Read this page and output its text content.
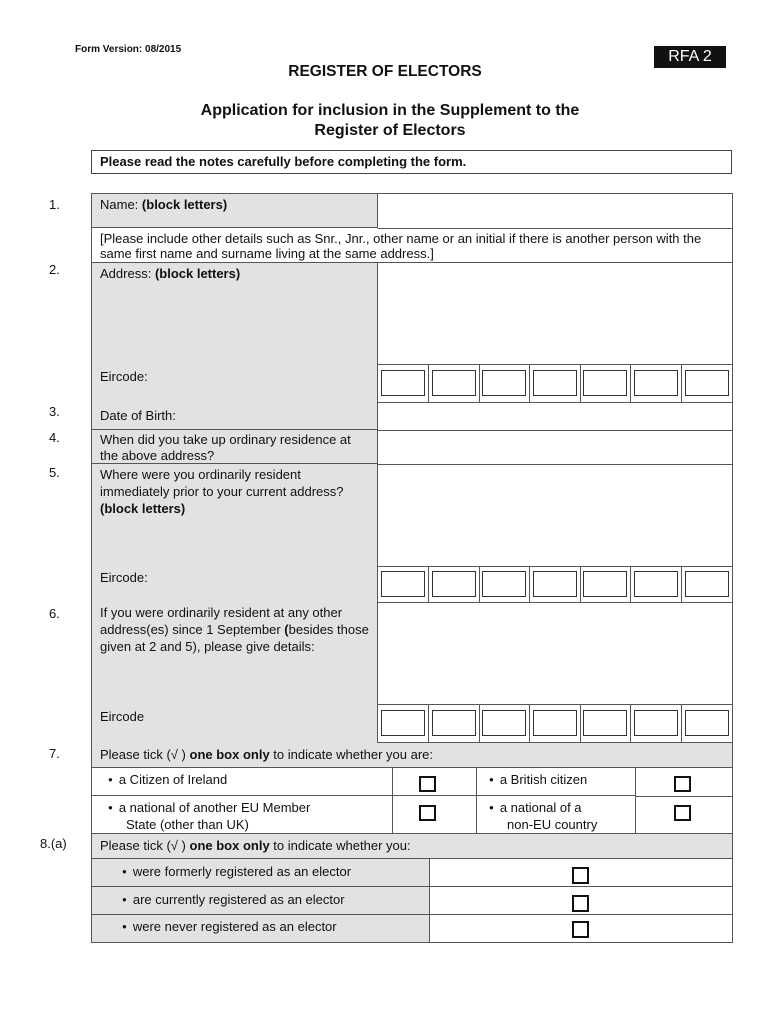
Form Version: 08/2015	RFA 2
REGISTER OF ELECTORS
Application for inclusion in the Supplement to the
Register of Electors
Please read the notes carefully before completing the form.
1.
2.
3.
4.
5.
6.
7.
8.(a)
Name: (block letters)
[Please include other details such as Snr., Jnr., other name or an initial if there is another person with the same first name and surname living at the same address.]
Address: (block letters)
Eircode:
Date of Birth:
When did you take up ordinary residence at the above address?
Where were you ordinarily resident immediately prior to your current address? (block letters)
Eircode:
If you were ordinarily resident at any other address(es) since 1 September (besides those given at 2 and 5), please give details:
Eircode
Please tick (√ ) one box only to indicate whether you are:
● a Citizen of Ireland
●	a British citizen
● a national of another EU Member
State (other than UK)
● a national of a
non-EU country
Please tick (√ ) one box only to indicate whether you:
● were formerly registered as an elector
● are currently registered as an elector
● were never registered as an elector
